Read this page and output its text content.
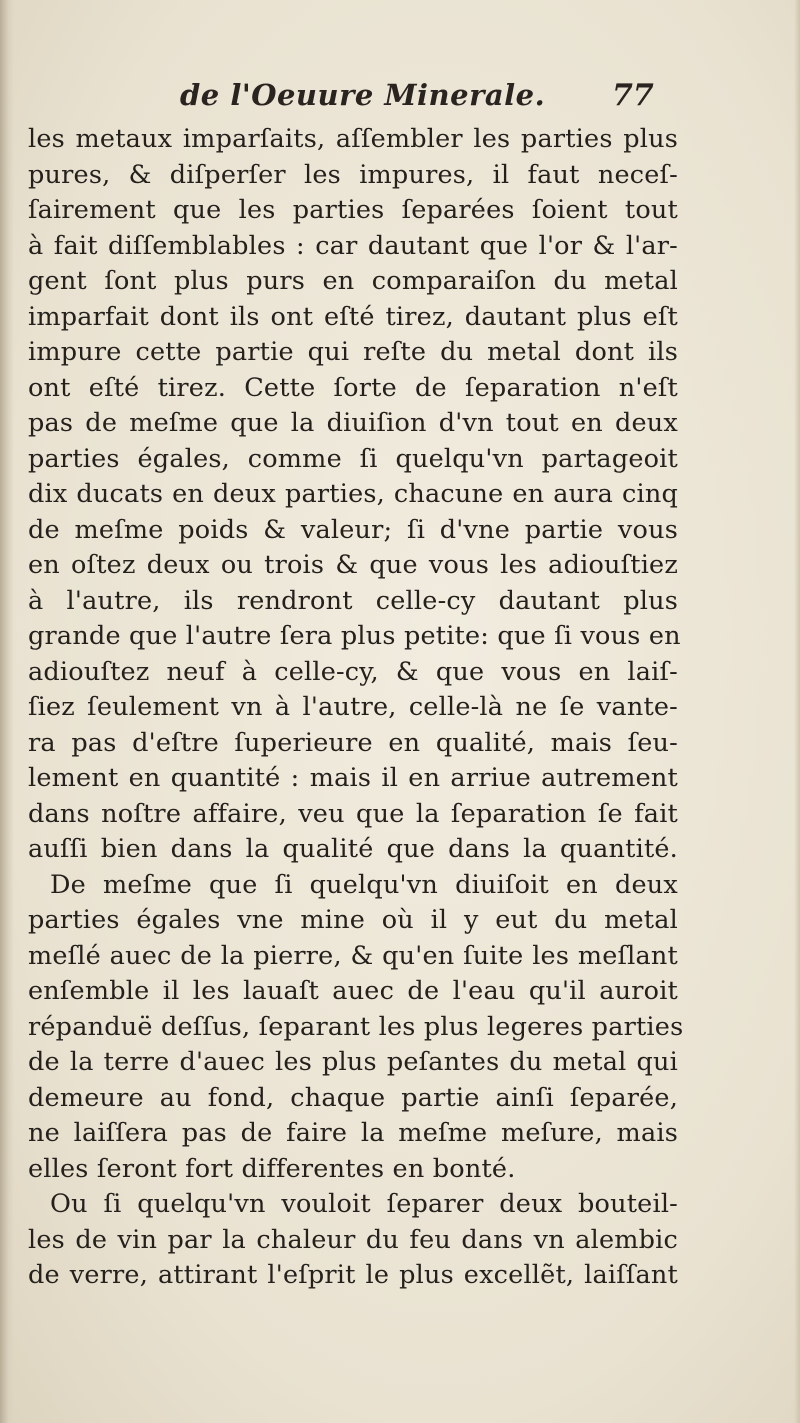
de l'Oeuure Minerale. 77
les metaux imparſaits, aſſembler les parties plus
pures, & diſperſer les impures, il faut neceſ-
ſairement que les parties ſeparées ſoient tout
à fait diſſemblables : car dautant que l'or & l'ar-
gent ſont plus purs en comparaiſon du metal
imparfait dont ils ont eſté tirez, dautant plus eſt
impure cette partie qui reſte du metal dont ils
ont eſté tirez. Cette ſorte de ſeparation n'eſt
pas de meſme que la diuiſion d'vn tout en deux
parties égales, comme ſi quelqu'vn partageoit
dix ducats en deux parties, chacune en aura cinq
de meſme poids & valeur; ſi d'vne partie vous
en oſtez deux ou trois & que vous les adiouſtiez
à l'autre, ils rendront celle-cy dautant plus
grande que l'autre ſera plus petite: que ſi vous en
adiouſtez neuf à celle-cy, & que vous en laiſ-
ſiez ſeulement vn à l'autre, celle-là ne ſe vante-
ra pas d'eſtre ſuperieure en qualité, mais ſeu-
lement en quantité : mais il en arriue autrement
dans noſtre affaire, veu que la ſeparation ſe fait
auſſi bien dans la qualité que dans la quantité.
De meſme que ſi quelqu'vn diuiſoit en deux
parties égales vne mine où il y eut du metal
meſlé auec de la pierre, & qu'en ſuite les meſlant
enſemble il les lauaſt auec de l'eau qu'il auroit
répanduë deſſus, ſeparant les plus legeres parties
de la terre d'auec les plus peſantes du metal qui
demeure au fond, chaque partie ainſi ſeparée,
ne laiſſera pas de faire la meſme meſure, mais
elles ſeront fort differentes en bonté.
Ou ſi quelqu'vn vouloit ſeparer deux bouteil-
les de vin par la chaleur du feu dans vn alembic
de verre, attirant l'eſprit le plus excellẽt, laiſſant
